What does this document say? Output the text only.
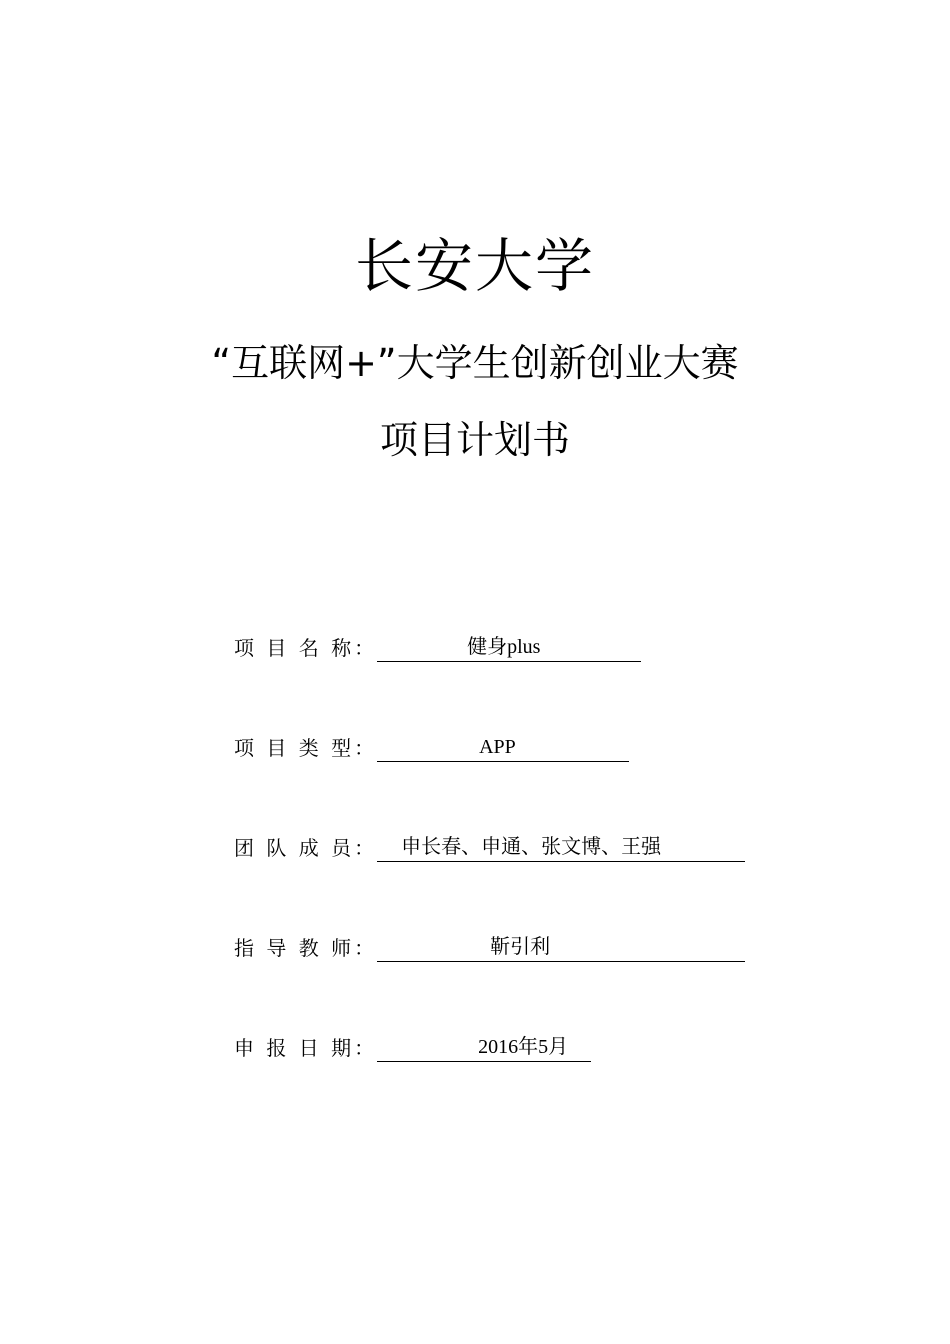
长安大学
“互联网+”大学生创新创业大赛
项目计划书
项 目 名 称：	健身plus
项 目 类 型：	APP
团 队 成 员：	申长春、申通、张文博、王强
指 导 教 师：	靳引利
申 报 日 期：	2016年5月
